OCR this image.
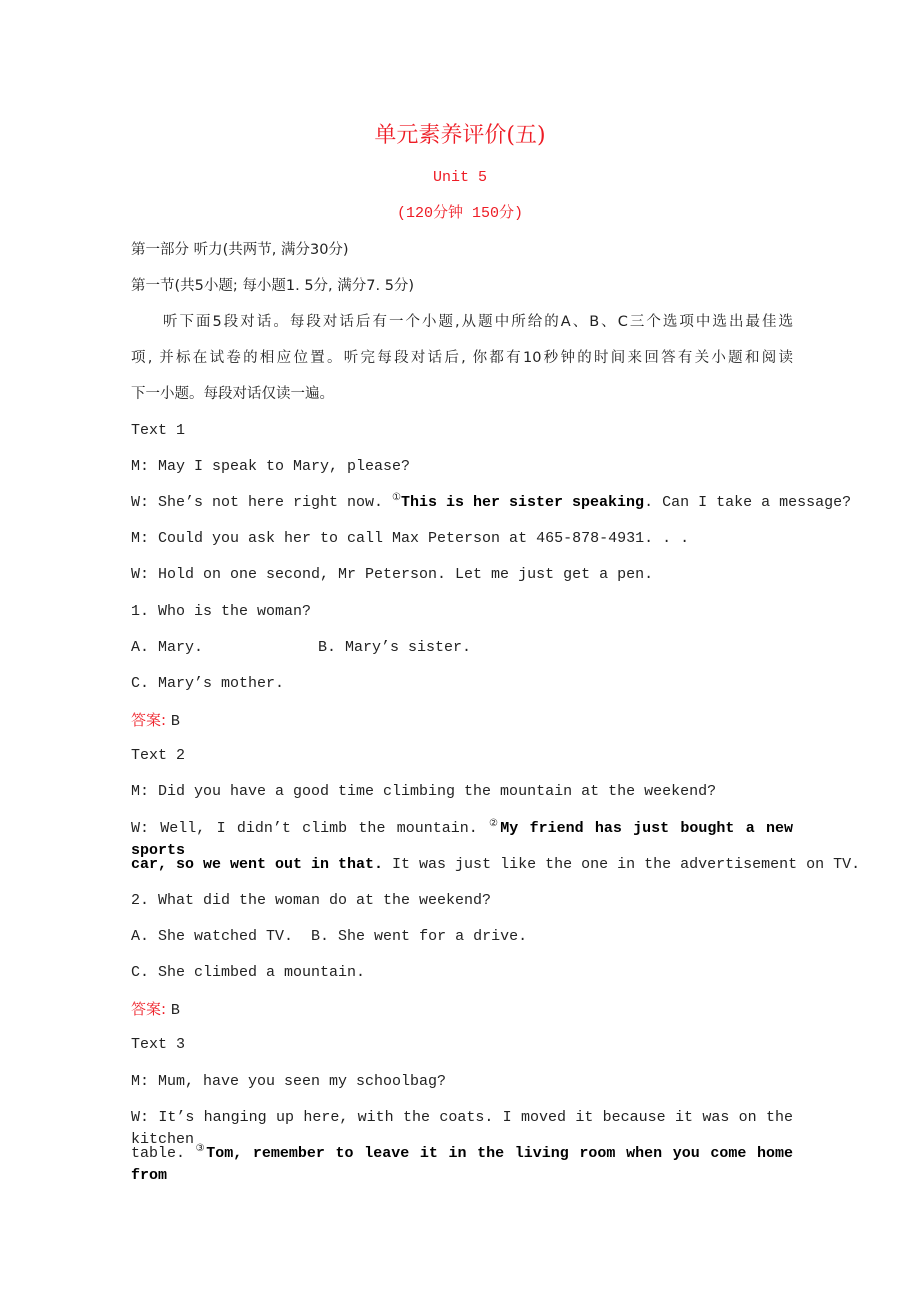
单元素养评价(五)
Unit 5
(120分钟 150分)
第一部分 听力(共两节, 满分30分)
第一节(共5小题; 每小题1. 5分, 满分7. 5分)
听下面5段对话。每段对话后有一个小题,从题中所给的A、B、C三个选项中选出最佳选
项, 并标在试卷的相应位置。听完每段对话后, 你都有10秒钟的时间来回答有关小题和阅读
下一小题。每段对话仅读一遍。
Text 1
M: May I speak to Mary, please?
W: She’s not here right now. ①This is her sister speaking. Can I take a message?
M: Could you ask her to call Max Peterson at 465-878-4931. . .
W: Hold on one second, Mr Peterson. Let me just get a pen.
1. Who is the woman?
A. Mary.	B. Mary’s sister.
C. Mary’s mother.
答案: B
Text 2
M: Did you have a good time climbing the mountain at the weekend?
W: Well, I didn’t climb the mountain. ②My friend has just bought a new sports
car, so we went out in that. It was just like the one in the advertisement on TV.
2. What did the woman do at the weekend?
A. She watched TV. B. She went for a drive.
C. She climbed a mountain.
答案: B
Text 3
M: Mum, have you seen my schoolbag?
W: It’s hanging up here, with the coats. I moved it because it was on the kitchen
table. ③Tom, remember to leave it in the living room when you come home from
